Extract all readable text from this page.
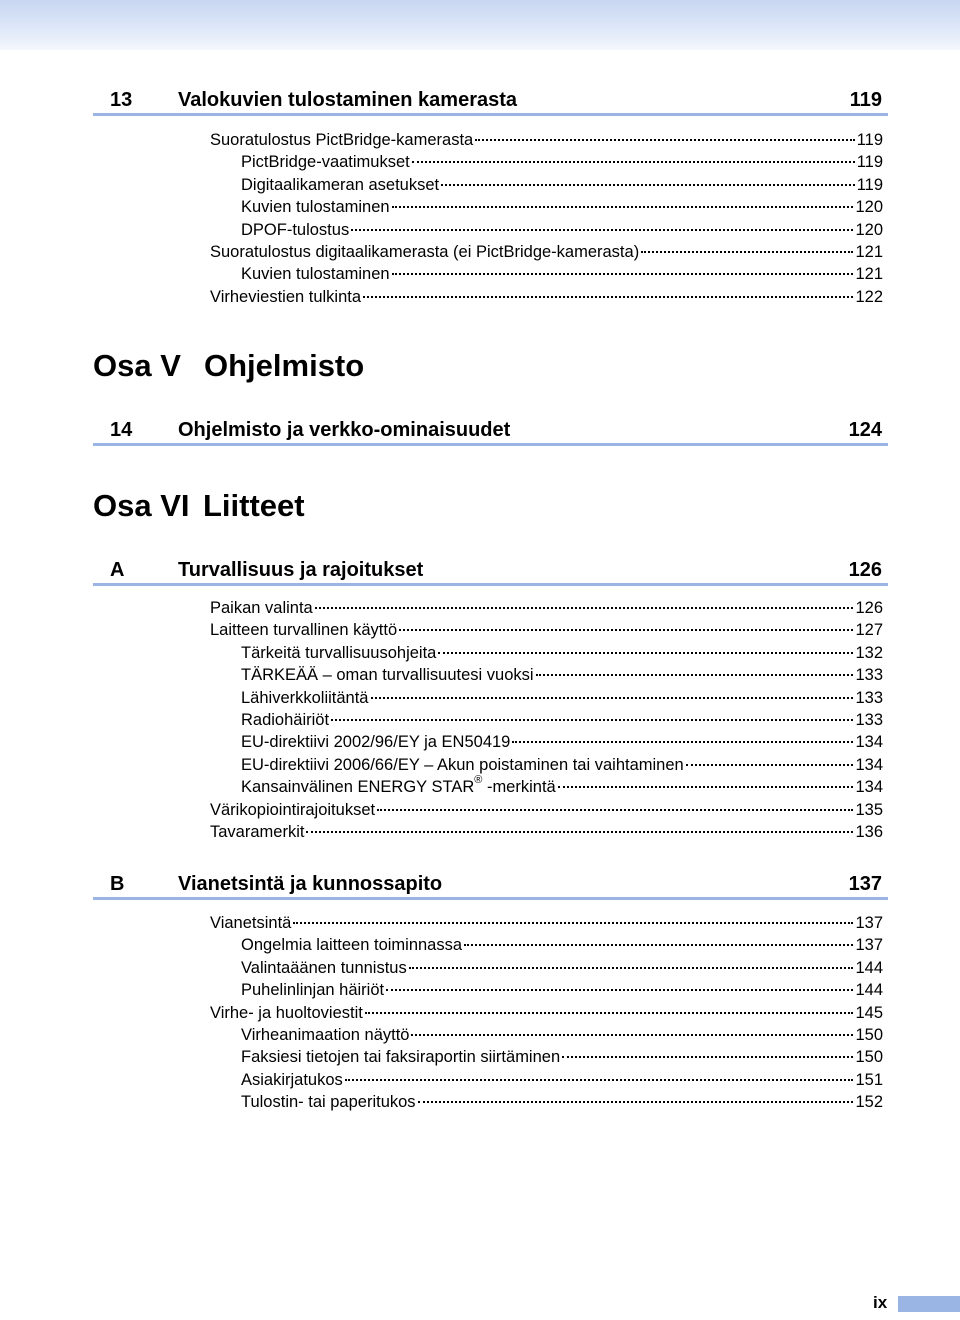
13 Valokuvien tulostaminen kamerasta	119
Suoratulostus PictBridge-kamerasta	119
PictBridge-vaatimukset	119
Digitaalikameran asetukset	119
Kuvien tulostaminen	120
DPOF-tulostus	120
Suoratulostus digitaalikamerasta (ei PictBridge-kamerasta)	121
Kuvien tulostaminen	121
Virheviestien tulkinta	122
Osa V Ohjelmisto
14 Ohjelmisto ja verkko-ominaisuudet	124
Osa VI Liitteet
A	Turvallisuus ja rajoitukset	126
Paikan valinta	126
Laitteen turvallinen käyttö	127
Tärkeitä turvallisuusohjeita	132
TÄRKEÄÄ – oman turvallisuutesi vuoksi	133
Lähiverkkoliitäntä	133
Radiohäiriöt	133
EU-direktiivi 2002/96/EY ja EN50419	134
EU-direktiivi 2006/66/EY – Akun poistaminen tai vaihtaminen	134
Kansainvälinen ENERGY STAR® -merkintä	134
Värikopiointirajoitukset	135
Tavaramerkit	136
B	Vianetsintä ja kunnossapito	137
Vianetsintä	137
Ongelmia laitteen toiminnassa	137
Valintaäänen tunnistus	144
Puhelinlinjan häiriöt	144
Virhe- ja huoltoviestit	145
Virheanimaation näyttö	150
Faksiesi tietojen tai faksiraportin siirtäminen	150
Asiakirjatukos	151
Tulostin- tai paperitukos	152
ix
